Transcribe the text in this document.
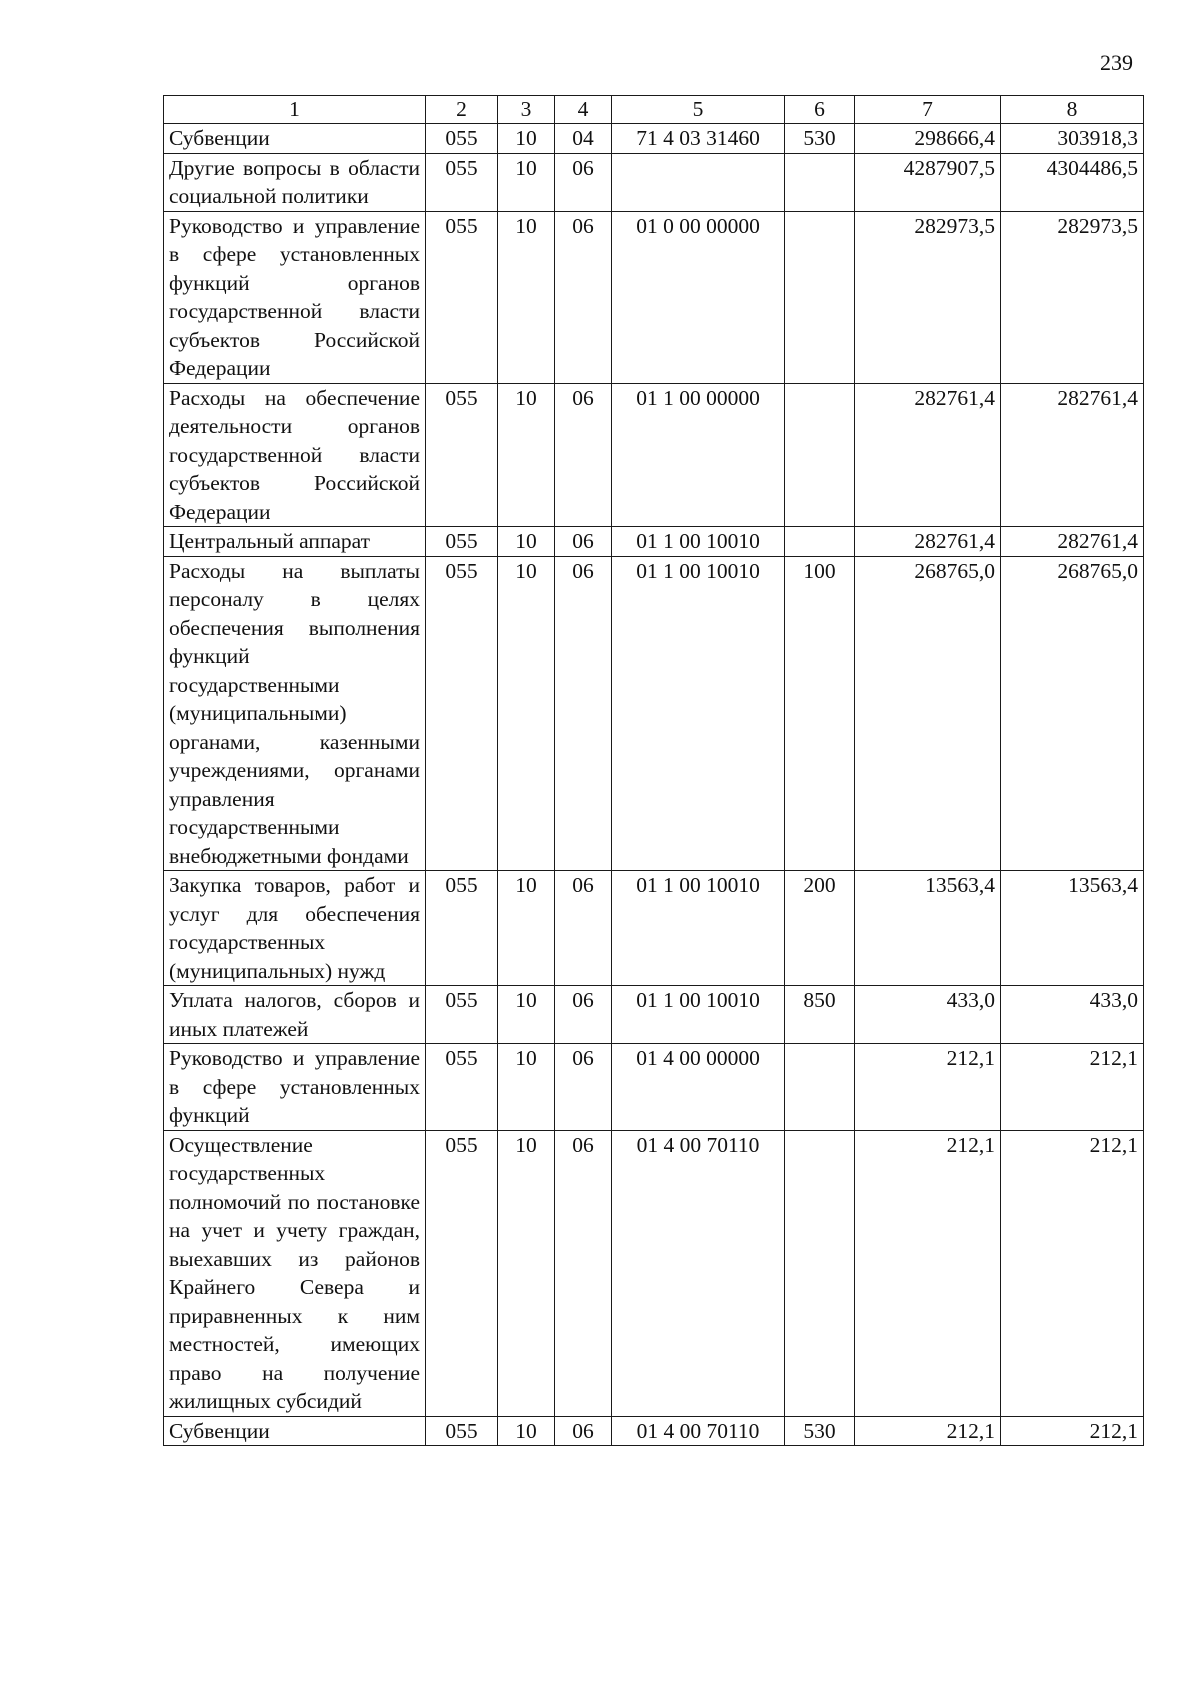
239
1	2	3	4	5	6	7	8
Субвенции	055	10	04	71 4 03 31460	530	298666,4	303918,3
Другие вопросы в области социальной политики	055	10	06			4287907,5	4304486,5
Руководство и управление в сфере установленных функций органов государственной власти субъектов Российской Федерации	055	10	06	01 0 00 00000		282973,5	282973,5
Расходы на обеспечение деятельности органов государственной власти субъектов Российской Федерации	055	10	06	01 1 00 00000		282761,4	282761,4
Центральный аппарат	055	10	06	01 1 00 10010		282761,4	282761,4
Расходы на выплаты персоналу в целях обеспечения выполнения функций государственными (муниципальными) органами, казенными учреждениями, органами управления государственными внебюджетными фондами	055	10	06	01 1 00 10010	100	268765,0	268765,0
Закупка товаров, работ и услуг для обеспечения государственных (муниципальных) нужд	055	10	06	01 1 00 10010	200	13563,4	13563,4
Уплата налогов, сборов и иных платежей	055	10	06	01 1 00 10010	850	433,0	433,0
Руководство и управление в сфере установленных функций	055	10	06	01 4 00 00000		212,1	212,1
Осуществление государственных полномочий по постановке на учет и учету граждан, выехавших из районов Крайнего Севера и приравненных к ним местностей, имеющих право на получение жилищных субсидий	055	10	06	01 4 00 70110		212,1	212,1
Субвенции	055	10	06	01 4 00 70110	530	212,1	212,1
